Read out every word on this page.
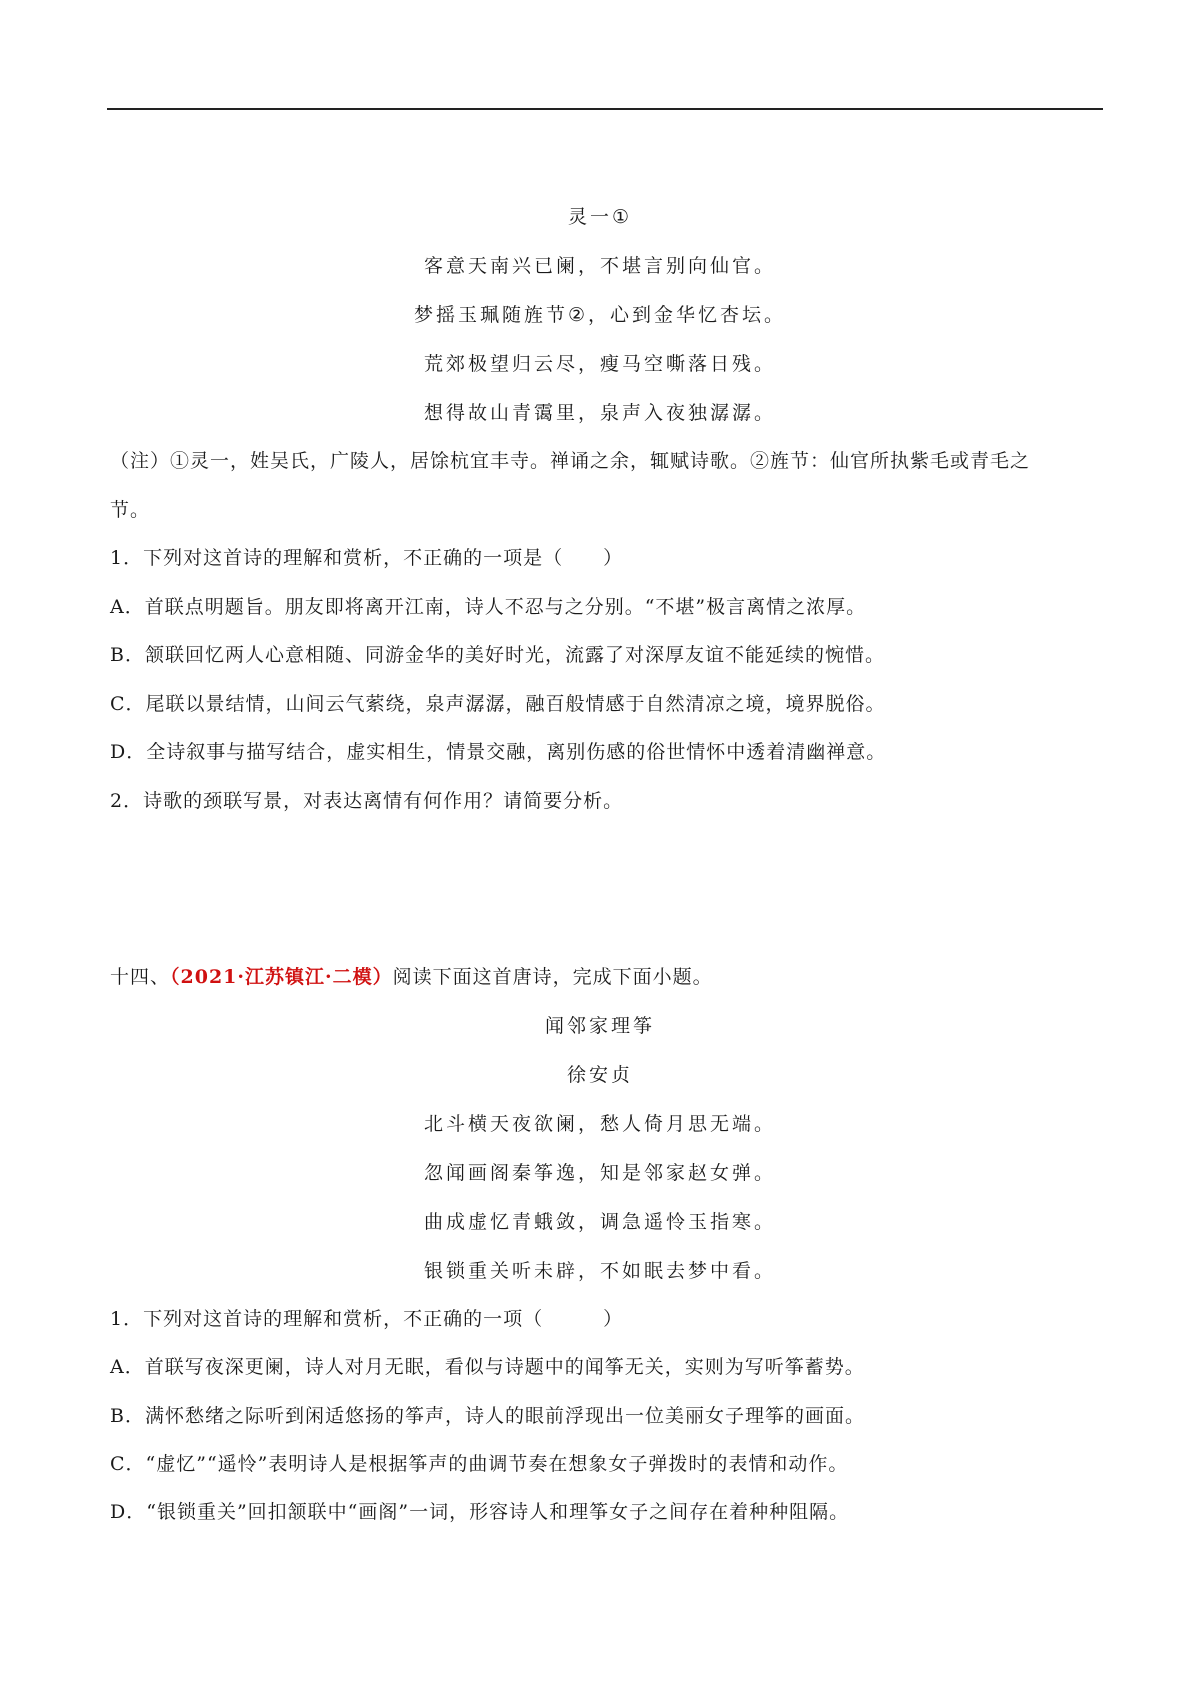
灵一①
客意天南兴已阑，不堪言别向仙官。
梦摇玉珮随旌节②，心到金华忆杏坛。
荒郊极望归云尽，瘦马空嘶落日残。
想得故山青霭里，泉声入夜独潺潺。
（注）①灵一，姓吴氏，广陵人，居馀杭宜丰寺。禅诵之余，辄赋诗歌。②旌节：仙官所执紫毛或青毛之
节。
1．下列对这首诗的理解和赏析，不正确的一项是（　　）
A．首联点明题旨。朋友即将离开江南，诗人不忍与之分别。“不堪”极言离情之浓厚。
B．颔联回忆两人心意相随、同游金华的美好时光，流露了对深厚友谊不能延续的惋惜。
C．尾联以景结情，山间云气萦绕，泉声潺潺，融百般情感于自然清凉之境，境界脱俗。
D．全诗叙事与描写结合，虚实相生，情景交融，离别伤感的俗世情怀中透着清幽禅意。
2．诗歌的颈联写景，对表达离情有何作用？请简要分析。
十四、（2021·江苏镇江·二模）阅读下面这首唐诗，完成下面小题。
闻邻家理筝
徐安贞
北斗横天夜欲阑，愁人倚月思无端。
忽闻画阁秦筝逸，知是邻家赵女弹。
曲成虚忆青蛾敛，调急遥怜玉指寒。
银锁重关听未辟，不如眠去梦中看。
1．下列对这首诗的理解和赏析，不正确的一项（　　　）
A．首联写夜深更阑，诗人对月无眠，看似与诗题中的闻筝无关，实则为写听筝蓄势。
B．满怀愁绪之际听到闲适悠扬的筝声，诗人的眼前浮现出一位美丽女子理筝的画面。
C．“虚忆”“遥怜”表明诗人是根据筝声的曲调节奏在想象女子弹拨时的表情和动作。
D．“银锁重关”回扣颔联中“画阁”一词，形容诗人和理筝女子之间存在着种种阻隔。
